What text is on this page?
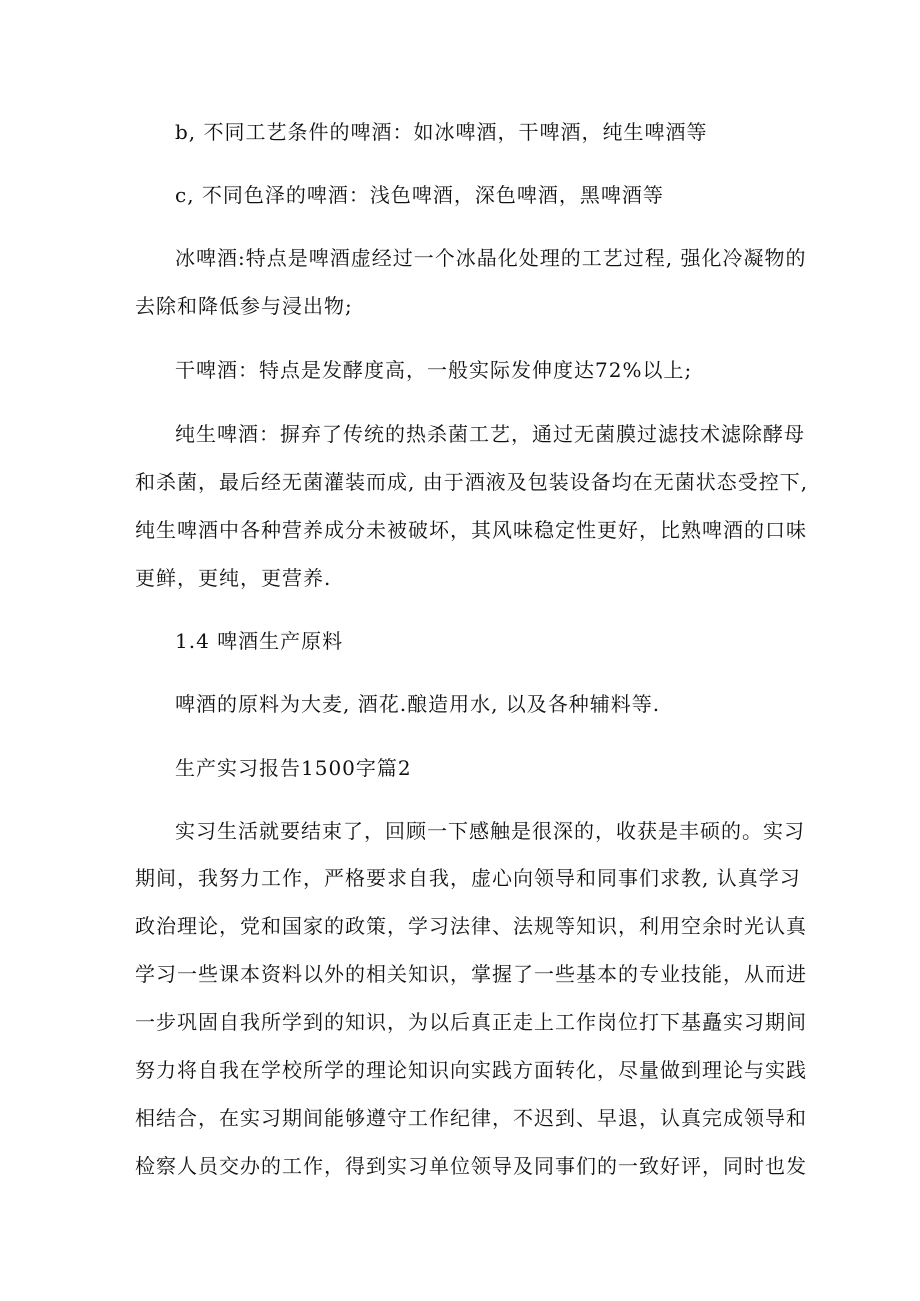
b, 不同工艺条件的啤酒：如冰啤酒，干啤酒，纯生啤酒等
c, 不同色泽的啤酒：浅色啤酒，深色啤酒，黑啤酒等
冰啤酒:特点是啤酒虚经过一个冰晶化处理的工艺过程, 强化冷凝物的
去除和降低参与浸出物;
干啤酒：特点是发酵度高，一般实际发伸度达72%以上;
纯生啤酒：摒弃了传统的热杀菌工艺，通过无菌膜过滤技术滤除酵母
和杀菌，最后经无菌灌装而成, 由于酒液及包装设备均在无菌状态受控下,
纯生啤酒中各种营养成分未被破坏，其风味稳定性更好，比熟啤酒的口味
更鲜，更纯，更营养.
1.4 啤酒生产原料
啤酒的原料为大麦, 酒花.酿造用水, 以及各种辅料等.
生产实习报告1500字篇2
实习生活就要结束了，回顾一下感触是很深的，收获是丰硕的。实习
期间，我努力工作，严格要求自我，虚心向领导和同事们求教, 认真学习
政治理论，党和国家的政策，学习法律、法规等知识，利用空余时光认真
学习一些课本资料以外的相关知识，掌握了一些基本的专业技能，从而进
一步巩固自我所学到的知识，为以后真正走上工作岗位打下基矗实习期间
努力将自我在学校所学的理论知识向实践方面转化，尽量做到理论与实践
相结合，在实习期间能够遵守工作纪律，不迟到、早退，认真完成领导和
检察人员交办的工作，得到实习单位领导及同事们的一致好评，同时也发
